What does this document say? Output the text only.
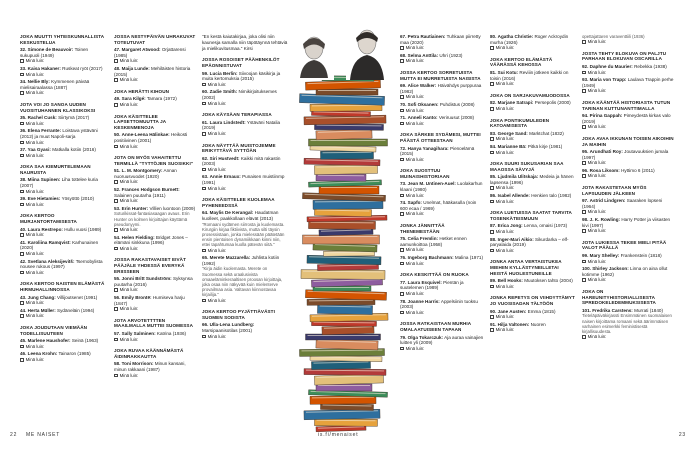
JOKA MUUTTI YHTEISKUNNALLISTA KESKUSTELUA
32. Simone de Beauvoir: Toinen sukupuoli (1949)
Minä luin:
33. Kaisa Hakaner: Ruskeat ryöt (2017)
Minä luin:
34. Nellie Bly: Kymmenen päivää mielisairaalassa (1887)
Minä luin:
JOTA VOI JO SANOA UUDEN VUOSITUHANNEN KLASSIKOKSI
35. Rachel Cusk: Siirtymä (2017)
Minä luin:
36. Elena Ferrante: Loistava ystäväni (2012) ja muut Napoli-sarja
Minä luin:
37. Yaa Gyasi: Matkalla kotiin (2016)
Minä luin:
JOKA SAA KIEMURTELEMAAN NAURUSTA
38. Miina Supinen: Liha tottelee kuria (2007)
Minä luin:
39. Eve Hietamies: Yösyöttö (2010)
Minä luin:
JOKA KERTOO MURJANTORTAMISESTA
40. Laura Restrepo: Hullu vuosi (1989)
Minä luin:
41. Karoliina Ramqvist: Karhunainen (2020)
Minä luin:
42. Svetlana Aleksijevitš: Tsernobylista nousee rukous (1997)
Minä luin:
JOKA KERTOO NAISTEN ELÄMÄSTÄ HIRMUHALLINNOSSA
43. Jung Chang: Villijoutsenet (1991)
Minä luin:
44. Herta Müller: Sydäneläin (1994)
Minä luin:
JOKA JOUDUTAAN VIEMÄÄN TODELLISUUTEEN
45. Marlene Haushofer: Seinä (1963)
Minä luin:
46. Leena Krohn: Tainaron (1985)
Minä luin:
JOSSA NIISTYPÄIVÄN UHRAKUVAT TOTEUTUVAT
47. Margaret Atwood: Orjattarensi (1985)
Minä luin:
48. Maija Lunde: Mehiläisten historia (2015)
Minä luin:
JOKA HERÄTTI KIHOUN
49. Sara Kilgé: Tamara (1972)
Minä luin:
JOKA KÄSITTELEE LAPSETTOMUUTTA JA KESKENMENOJA
50. Anne-Leena Hälinkae: Heikosti positiivinen (2001)
Minä luin:
JOTA ON MYÖS VAHAITETTU TERMILLÄ "TYTTÖJEN SUOSIKKI"
51. L. M. Montgomery: Annan nuoruusvuodet (1920)
Minä luin:
52. Frances Hodgson Burnett: Salainen puutarha (1911)
Minä luin:
53. Erin Hunter: Villien luontoon (2009)
Soturikissat-fantasiasaagan avaus. Erin Hunter on kolmen kirjoittajan käyttämä pseudonyymi.
Minä luin:
54. Helen Fielding: Bridget Jones – elämäni sinkkuna (1996)
Minä luin:
JOSSA RAKASTAVAISET EIVÄT PÄÄJÄLE YHDESSÄ EVERYKÄ ERIISSEEN
55. Jonni Britt Sundström: Syksynsa puutarha (2016)
Minä luin:
56. Emily Brontë: Humiseva harju (1847)
Minä luin:
JOTA ARVOTETTTTEN MAAILMALLA MUTTEI SUOMESSA
57. Sally Salminen: Katrina (1936)
Minä luin:
JOKA RUVAA KÄÄNNÄMÄSTÄ ÄIDINRAKKAUTTA
58. Toni Morrison: Minun kansani, minun rakkaani (1987)
Minä luin:
"En kestä kaiutakirjaa, joka olisi niin kaunesja samalla niin täpötäynnä tehtäviä ja mielikuvitusmaa." Kirsi
JOSSA ROSOISET PÄÄHENKILÖT EPÄONNISTUVAT
59. Lucia Berlin: Siivoojan käsikirja ja muita kertomuksia (2015)
Minä luin:
60. Zadie Smith: Nimikirjoituksemes (2002)
Minä luin:
JOKA KÄYSÄAN TERAPIASSA
61. Laura Lindstedt: Ystäväni Natalia (2019)
Minä luin:
JOKA NÄYTTÄÄ MUISTOJEMME ERIKYTTÄVÄ SYTTÖÄN
62. Siri Hustvedt: Kaikki mitä rakastin (2003)
Minä luin:
63. Annie Ernaux: Punaisen muistiinmp (1991)
Minä luin:
JOKA KÄSITTELEE KUOLEMAA PYHENEEDSSÄ
64. Maylis De Kerangal: Haudatman kuolleet, paakkollaan elävät (2013)
"Romaani sydämen siirrosta ja kuolemasta. Kirurgiin kirjaa fiktiivista, mutta silti täysin prosessistaan, jonka mielessään päätetään ensin pientoisen dynamiikkaan kiinni niin, ettei tapahtumaa kuolla pätevän siitä."
Minä luin:
65. Merete Mazzarella: Juhlista kotiin (1992)
"Kirja äidin kuolemasta. Merete on Suomessa sekä uraalusivista omaaeläminkeraaltisen proosan kirjoittaja, joka osaa niin näkyvää kuin mielenterve provailmaa asia. Valtavan kiinnostavaa kirjailija."
Minä luin:
JOKA KERTOO PYJÄTTIÄVÄSTI SUOMEN SODISTA
66. Ulla-Lena Lundberg: Marsipaanisotilas (2001)
Minä luin:
67. Petra Rautiainen: Tuhkaan piirretty maa (2020)
Minä luin:
68. Selma Anttila: Uhri (1923)
Minä luin:
JOSSA KERTOO SORRETUISTA MUTTA EI MURRETUISTA NAISISTA
69. Alice Walker: Häivähdys purppuraa (1982)
Minä luin:
70. Sofi Oksanen: Puhdistus (2008)
Minä luin:
71. Anneli Kanto: Veriruusut (2008)
Minä luin:
JOKA SÄRKEE SYDÄMESI, MUTTEI PÄÄSTÄ OTTEESTAAN
72. Hanya Yanagihara: Pienoelämä (2015)
Minä luin:
JOKA SUOSTTUU MUINAISHISTORIAAN
73. Jean M. Untinen-Auel: Luolakarhun klaani (1980)
Minä luin:
74. Sapfo: Unelmat, hääkasulla (noin 600 ecaa / 1969)
Minä luin:
JONKA JÄNNITTÄÄ THENEMESTÄÄN
75. Celia Fremlin: Hetket ennen aamunkoittoa (1958)
Minä luin:
76. Ingeborg Bachmann: Malina (1971)
Minä luin:
JOKA KESKITTÄÄ ON RUOKA
77. Laura Esquivel: Pientän ja suutelemen (1989)
Minä luin:
78. Joanne Harris: Appelsiinin tuoksu (2003)
Minä luin:
JOSSA RATKAISTAAN MURHIA OMALAATUISEEN TAPAAN
79. Olga Tokarczuk: Aja auraa vainajien luitten yli (2009)
Minä luin:
80. Agatha Christie: Roger Ackroydin murha (1926)
Minä luin:
JOKA KERTOO ELÄMÄSTÄ VÄÄRÄSSÄ KEHOSSA
81. Sui Kotu: Reviiin jotkeen kaikki on toisin (2016)
Minä luin:
JOKA ON SARJAKUVAMUODOSSA
82. Marjane Satrapi: Persepolis (2000)
Minä luin:
JOKA PONTIKUMULEDEN KATOAMISESTA
83. George Sand: Marktchat (1832)
Minä luin:
84. Marianne Bä: Pitkä kirje (1981)
Minä luin:
JOKA SUURI SUKUSARIAN SAA MAAOSSA SÄVYJÄ
85. Ljudmila Ulitskaja: Medeia ja hänen lapsensa (1996)
Minä luin:
86. Isabel Allende: Henkien talo (1982)
Minä luin:
JOKA LUETUISSA SAATAT TARVITA TOSENKÄTEISMUUN
87. Erica Jong: Lenna, omaisi (1973)
Minä luin:
88. Inger-Mari Aikio: Sikurdarka – elf-paryalaida (2019)
Minä luin:
JONKA ANTAA VERTAISTUKEA MIEHIIN KYLLÄSTYNEILLETAI HEISTÄ HUOLESTUNEILLE
89. Bell Hooks: Muutoksen tahto (2004)
Minä luin:
JONKA REPETYS ON VIIHDYTTÄMYT JO VUOSISADAN TÄLTÖÖN
90. Jane Austen: Emma (1815)
Minä luin:
91. Hilja Valtonen: Nuoren
Minä luin:
opettajattaren varaventtiili (1936)
Minä luin:
JOSTA TEHTY ELOKUVA ON PALJTU PARHAAN ELOKUVAN OSCARILLA
92. Daphne du Maurier: Rebekka (1938)
Minä luin:
93. Maria von Trapp: Laulava Trappin perhe (1949)
Minä luin:
JOKA KÄÄNTÄÄ HISTORIASTA TUTUN TARINAN KUTTUNANTTIMALLA
94. Pirina Gappah: Pimeydestä kirkas valo (2019)
Minä luin:
JOKA AVAA IKKUNAN TOISEN AIKOIHIN JA MAIHIN
95. Arundhati Roy: Joutavuuksien jumala (1997)
Minä luin:
96. Rosa Liksom: Hyttimo 6 (2011)
Minä luin:
JOTA RAKASTETAAN MYÖS LAPSUUDEN JÄLKEEN
97. Astrid Lindgren: Saaraken lopseni (1964)
Minä luin:
98. J. K. Rowling: Harry Potter ja viisasten kivi (1997)
Minä luin:
JOTA LUKIESSA TEKEE MIELI PITÄÄ VALOT PÄÄLLÄ
99. Mary Shelley: Frankenstein (1818)
Minä luin:
100. Shirley Jackson: Linna on aina ollut kotimme (1962)
Minä luin:
JOKA ON HAREUNITYHISTORIALLISESTA SPREDOKELEDEMMUKSISESTA
101. Fredrika Carstens: Murrati (1840)
Tieteläpäiväkirjassti Ensimmäinen suomalaisen naisen kirjoittama romaani sekä äärimmäisen varhainen esimerkki feministisestä kirjallisuudesta.
Minä luin:
22 ME NAISET	is.fi/menaiset	23
